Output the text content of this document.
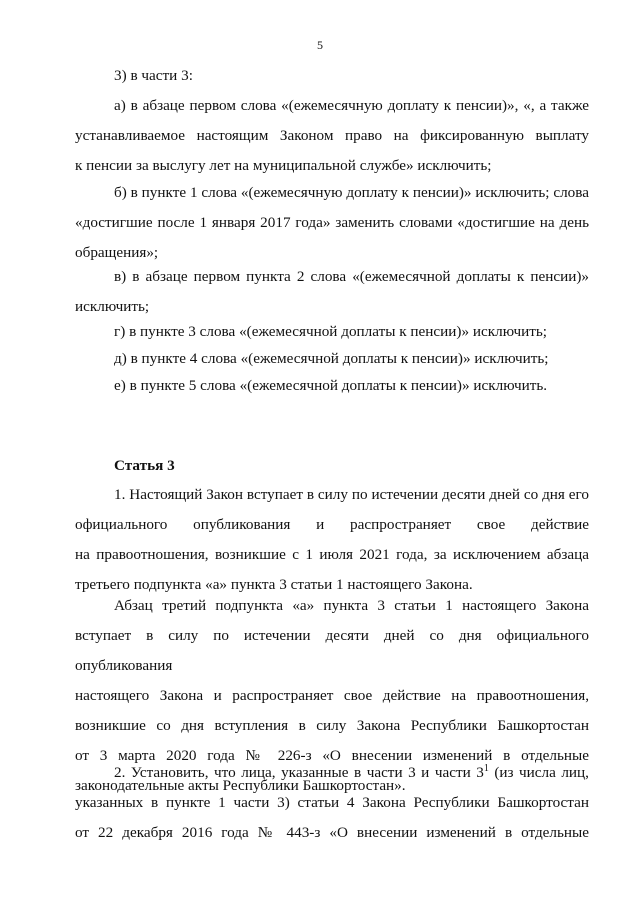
5
3) в части 3:
а) в абзаце первом слова «(ежемесячную доплату к пенсии)», «, а также
устанавливаемое настоящим Законом право на фиксированную выплату
к пенсии за выслугу лет на муниципальной службе» исключить;
б) в пункте 1 слова «(ежемесячную доплату к пенсии)» исключить; слова
«достигшие после 1 января 2017 года» заменить словами «достигшие на день
обращения»;
в) в абзаце первом пункта 2 слова «(ежемесячной доплаты к пенсии)»
исключить;
г) в пункте 3 слова «(ежемесячной доплаты к пенсии)» исключить;
д) в пункте 4 слова «(ежемесячной доплаты к пенсии)» исключить;
е) в пункте 5 слова «(ежемесячной доплаты к пенсии)» исключить.
Статья 3
1. Настоящий Закон вступает в силу по истечении десяти дней со дня его
официального опубликования и распространяет свое действие
на правоотношения, возникшие с 1 июля 2021 года, за исключением абзаца
третьего подпункта «а» пункта 3 статьи 1 настоящего Закона.
Абзац третий подпункта «а» пункта 3 статьи 1 настоящего Закона
вступает в силу по истечении десяти дней со дня официального опубликования
настоящего Закона и распространяет свое действие на правоотношения,
возникшие со дня вступления в силу Закона Республики Башкортостан
от 3 марта 2020 года № 226-з «О внесении изменений в отдельные
законодательные акты Республики Башкортостан».
2. Установить, что лица, указанные в части 3 и части $3^1$ (из числа лиц,
указанных в пункте 1 части 3) статьи 4 Закона Республики Башкортостан
от 22 декабря 2016 года № 443-з «О внесении изменений в отдельные
